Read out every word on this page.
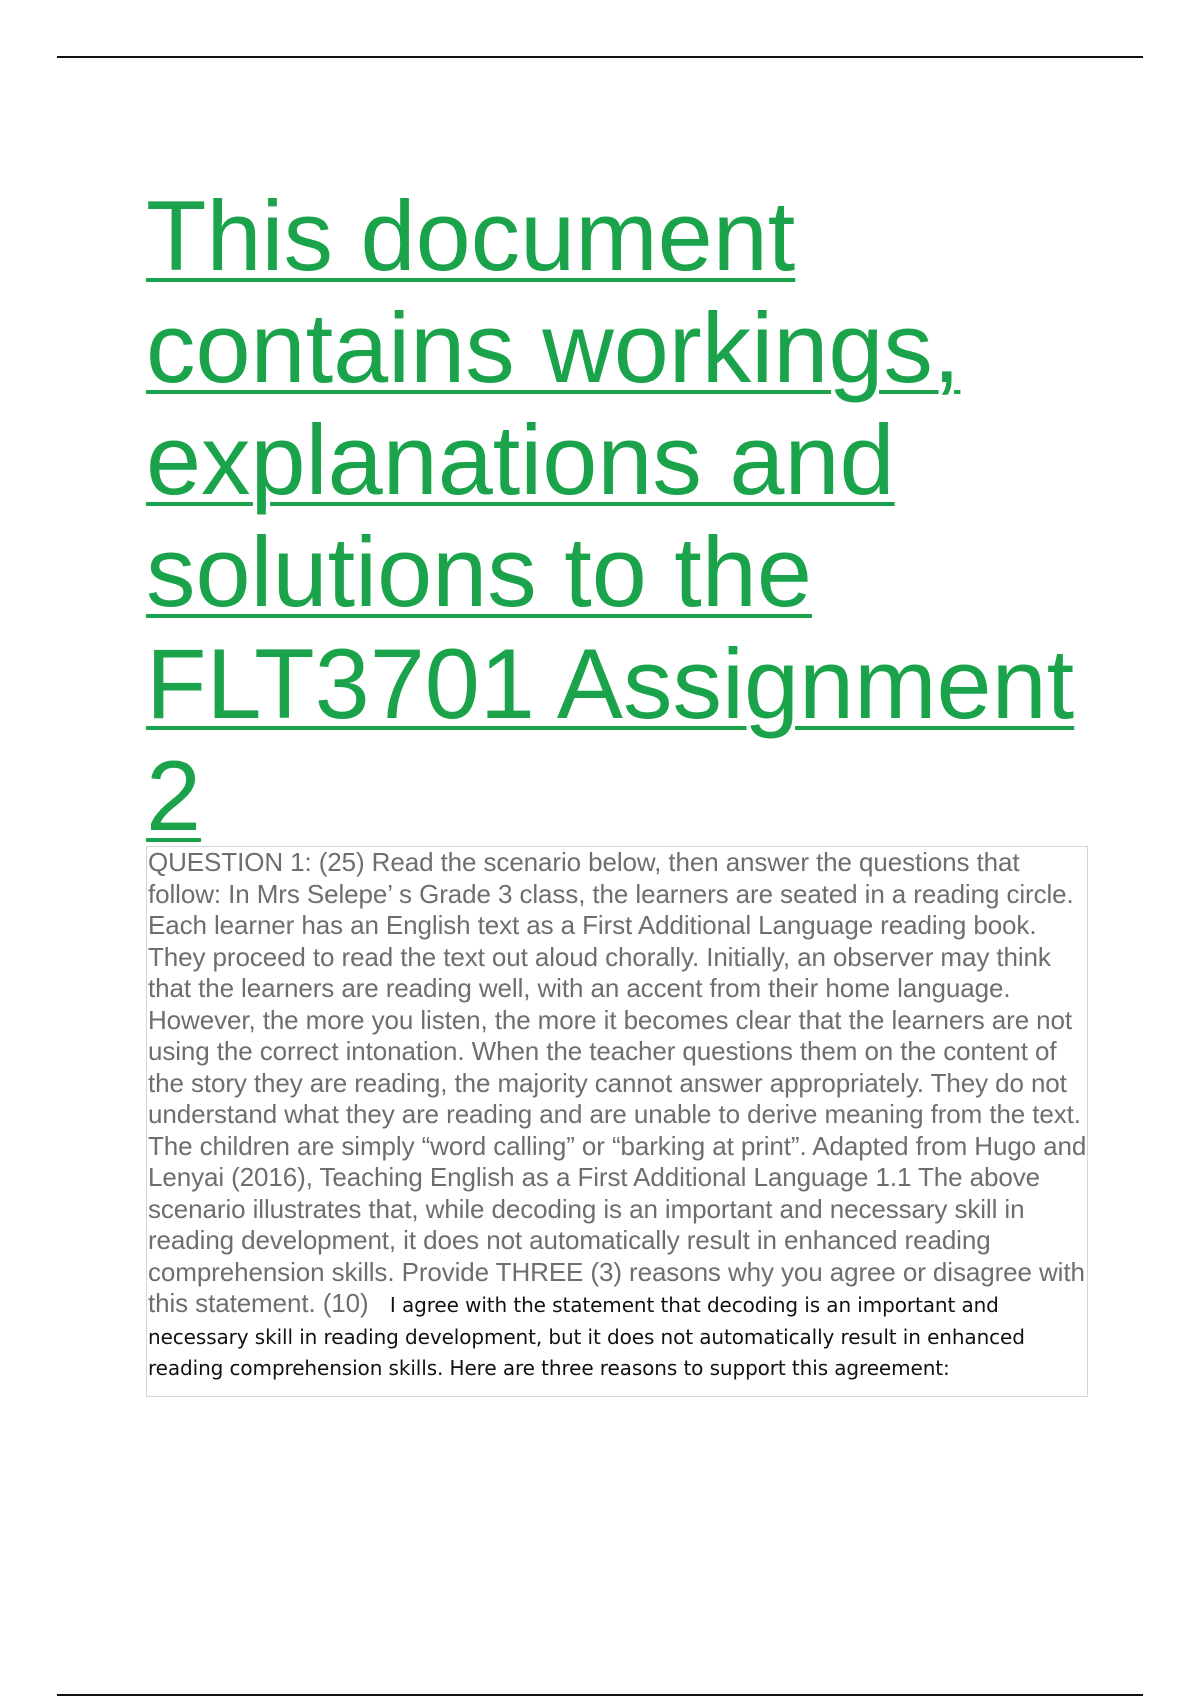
This document contains workings, explanations and solutions to the FLT3701 Assignment 2

QUESTION 1: (25) Read the scenario below, then answer the questions that follow: In Mrs Selepe’ s Grade 3 class, the learners are seated in a reading circle. Each learner has an English text as a First Additional Language reading book. They proceed to read the text out aloud chorally. Initially, an observer may think that the learners are reading well, with an accent from their home language. However, the more you listen, the more it becomes clear that the learners are not using the correct intonation. When the teacher questions them on the content of the story they are reading, the majority cannot answer appropriately. They do not understand what they are reading and are unable to derive meaning from the text. The children are simply “word calling” or “barking at print”. Adapted from Hugo and Lenyai (2016), Teaching English as a First Additional Language 1.1 The above scenario illustrates that, while decoding is an important and necessary skill in reading development, it does not automatically result in enhanced reading comprehension skills. Provide THREE (3) reasons why you agree or disagree with this statement. (10) I agree with the statement that decoding is an important and necessary skill in reading development, but it does not automatically result in enhanced reading comprehension skills. Here are three reasons to support this agreement:
